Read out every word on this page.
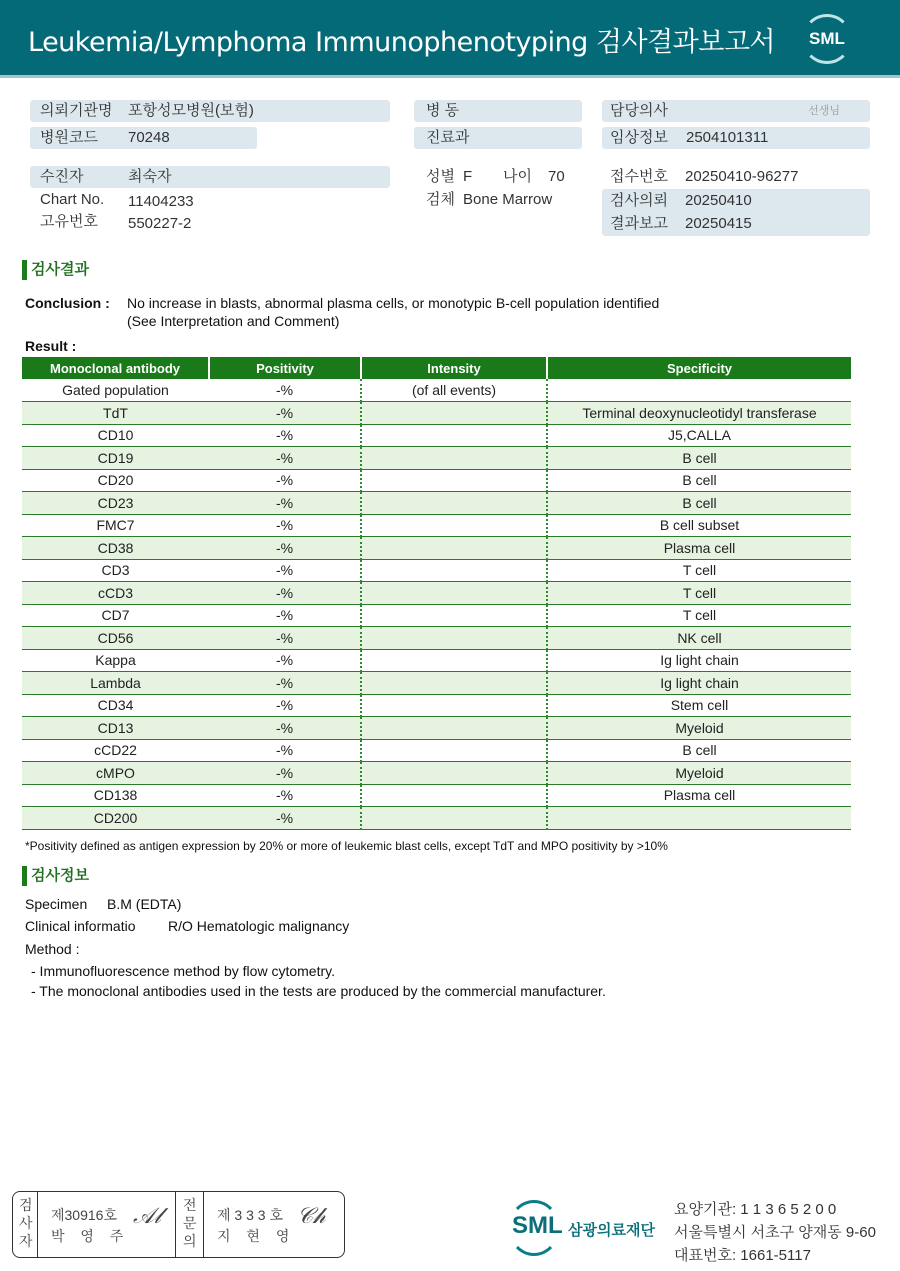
Leukemia/Lymphoma Immunophenotyping 검사결과보고서	SML
의뢰기관명 포항성모병원(보험)
병원코드 70248
병 동
진료과
담당의사	선생님
임상정보 2504101311
수진자	최숙자
Chart No. 11404233
고유번호 550227-2
성별 F 나이 70
검체 Bone Marrow
접수번호 20250410-96277
검사의뢰 20250410
결과보고 20250415
검사결과
Conclusion : No increase in blasts, abnormal plasma cells, or monotypic B-cell population identified
(See Interpretation and Comment)
Result :
Monoclonal antibody	Positivity	Intensity	Specificity
Gated population	-%	(of all events)	
TdT	-%		Terminal deoxynucleotidyl transferase
CD10	-%		J5,CALLA
CD19	-%		B cell
CD20	-%		B cell
CD23	-%		B cell
FMC7	-%		B cell subset
CD38	-%		Plasma cell
CD3	-%		T cell
cCD3	-%		T cell
CD7	-%		T cell
CD56	-%		NK cell
Kappa	-%		Ig light chain
Lambda	-%		Ig light chain
CD34	-%		Stem cell
CD13	-%		Myeloid
cCD22	-%		B cell
cMPO	-%		Myeloid
CD138	-%		Plasma cell
CD200	-%		
*Positivity defined as antigen expression by 20% or more of leukemic blast cells, except TdT and MPO positivity by >10%
검사정보
Specimen B.M (EDTA)
Clinical informatio R/O Hematologic malignancy
Method :
- Immunofluorescence method by flow cytometry.
- The monoclonal antibodies used in the tests are produced by the commercial manufacturer.
검사자
제30916호
박 영 주
𝒜𝓁 전문의
제 3 3 3 호
지 현 영
𝒞𝒽	SML 삼광의료재단
요양기관: 1 1 3 6 5 2 0 0
서울특별시 서초구 양재동 9-60
대표번호: 1661-5117
